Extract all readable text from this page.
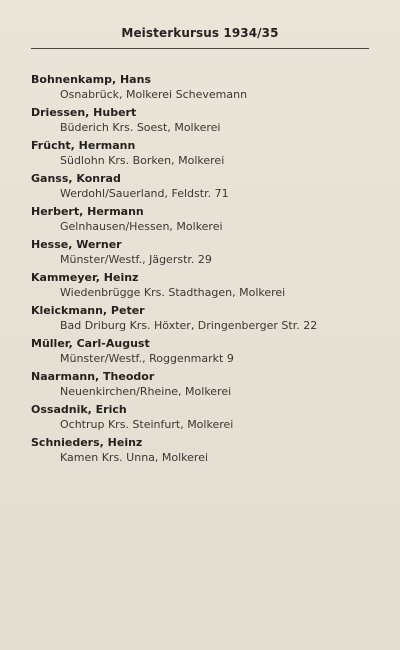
Meisterkursus 1934/35
Bohnenkamp, Hans
Osnabrück, Molkerei Schevemann
Driessen, Hubert
Büderich Krs. Soest, Molkerei
Frücht, Hermann
Südlohn Krs. Borken, Molkerei
Ganss, Konrad
Werdohl/Sauerland, Feldstr. 71
Herbert, Hermann
Gelnhausen/Hessen, Molkerei
Hesse, Werner
Münster/Westf., Jägerstr. 29
Kammeyer, Heinz
Wiedenbrügge Krs. Stadthagen, Molkerei
Kleickmann, Peter
Bad Driburg Krs. Höxter, Dringenberger Str. 22
Müller, Carl-August
Münster/Westf., Roggenmarkt 9
Naarmann, Theodor
Neuenkirchen/Rheine, Molkerei
Ossadnik, Erich
Ochtrup Krs. Steinfurt, Molkerei
Schnieders, Heinz
Kamen Krs. Unna, Molkerei
